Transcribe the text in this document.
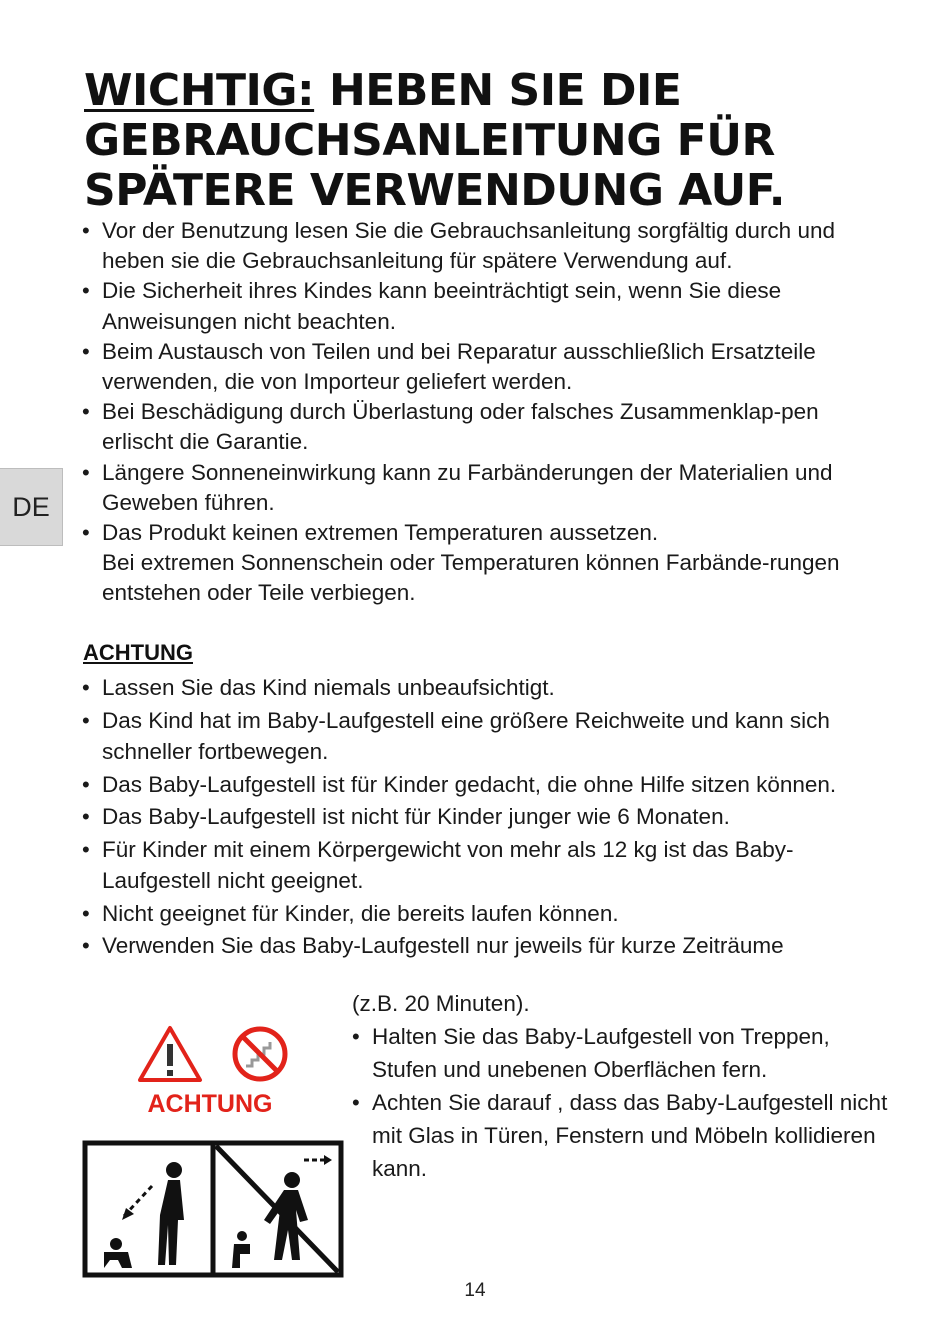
WICHTIG: HEBEN SIE DIE
GEBRAUCHSANLEITUNG FÜR
SPÄTERE VERWENDUNG AUF.
DE
• Vor der Benutzung lesen Sie die Gebrauchsanleitung sorgfältig durch und heben sie die Gebrauchsanleitung für spätere Verwendung auf.
• Die Sicherheit ihres Kindes kann beeinträchtigt sein, wenn Sie diese Anweisungen nicht beachten.
• Beim Austausch von Teilen und bei Reparatur ausschließlich Ersatzteile verwenden, die von Importeur geliefert werden.
• Bei Beschädigung durch Überlastung oder falsches Zusammenklap-pen erlischt die Garantie.
• Längere Sonneneinwirkung kann zu Farbänderungen der Materialien und Geweben führen.
• Das Produkt keinen extremen Temperaturen aussetzen.
Bei extremen Sonnenschein oder Temperaturen können Farbände-rungen entstehen oder Teile verbiegen.
ACHTUNG
• Lassen Sie das Kind niemals unbeaufsichtigt.
• Das Kind hat im Baby-Laufgestell eine größere Reichweite und kann sich schneller fortbewegen.
• Das Baby-Laufgestell ist für Kinder gedacht, die ohne Hilfe sitzen können.
• Das Baby-Laufgestell ist nicht für Kinder junger wie 6 Monaten.
• Für Kinder mit einem Körpergewicht von mehr als 12 kg ist das Baby-Laufgestell nicht geeignet.
• Nicht geeignet für Kinder, die bereits laufen können.
• Verwenden Sie das Baby-Laufgestell nur jeweils für kurze Zeiträume
(z.B. 20 Minuten).
• Halten Sie das Baby-Laufgestell von Treppen, Stufen und unebenen Oberflächen fern.
• Achten Sie darauf , dass das Baby-Laufgestell nicht mit Glas in Türen, Fenstern und Möbeln kollidieren kann.
ACHTUNG
14
